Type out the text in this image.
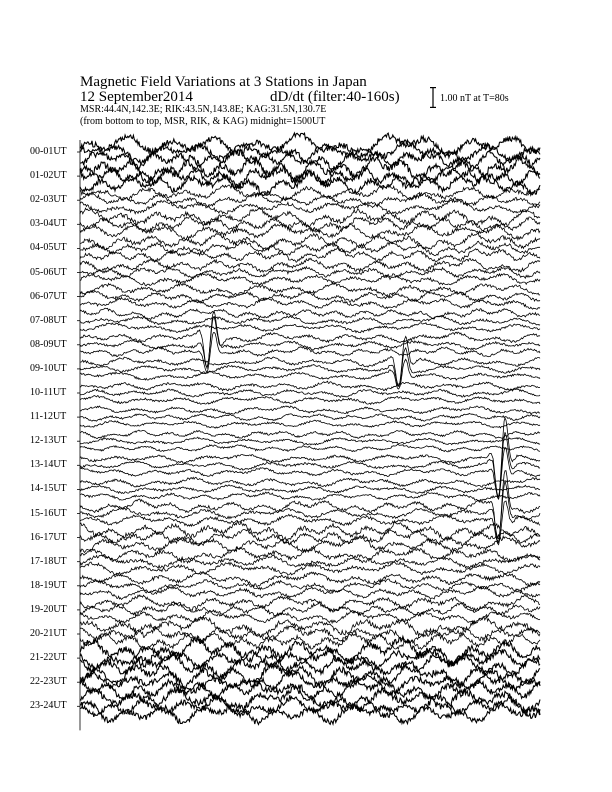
Magnetic Field Variations at 3 Stations in Japan
12 September2014	dD/dt (filter:40-160s)
MSR:44.4N,142.3E; RIK:43.5N,143.8E; KAG:31.5N,130.7E
(from bottom to top, MSR, RIK, & KAG) midnight=1500UT
1.00 nT at T=80s
00-01UT
01-02UT
02-03UT
03-04UT
04-05UT
05-06UT
06-07UT
07-08UT
08-09UT
09-10UT
10-11UT
11-12UT
12-13UT
13-14UT
14-15UT
15-16UT
16-17UT
17-18UT
18-19UT
19-20UT
20-21UT
21-22UT
22-23UT
23-24UT
